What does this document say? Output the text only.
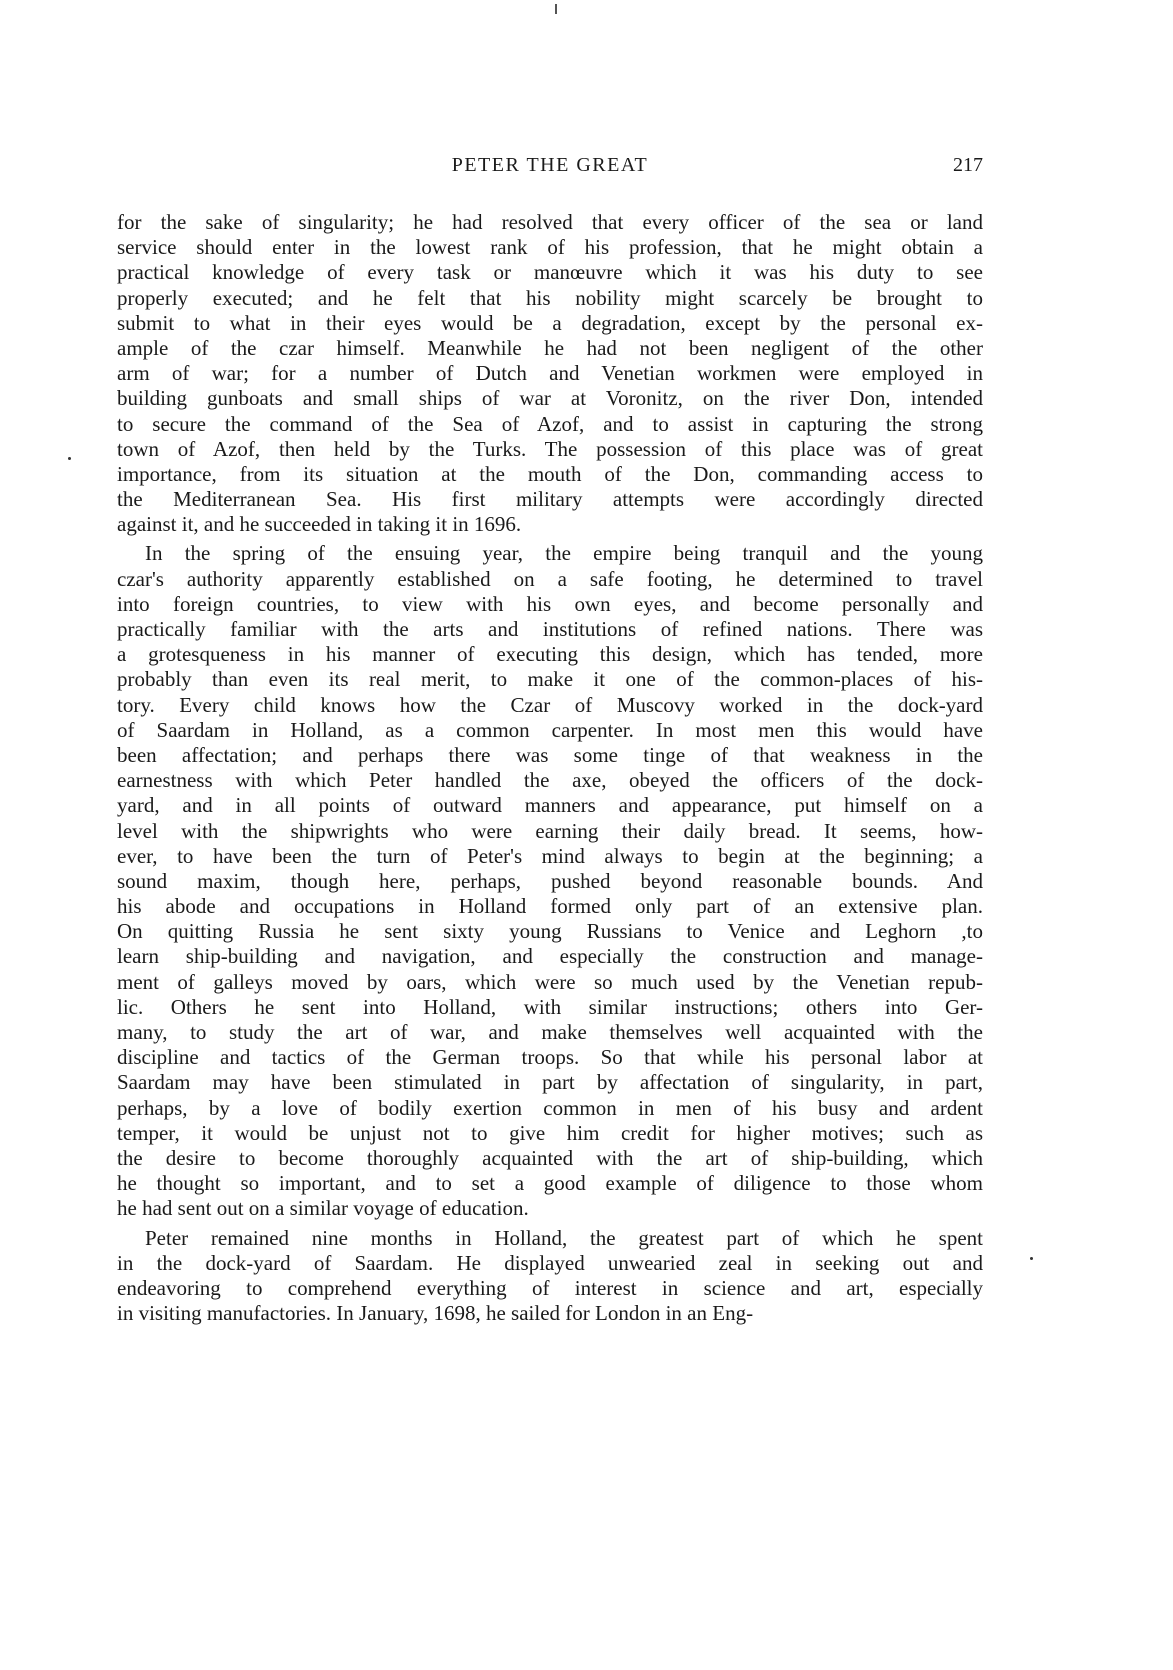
PETER THE GREAT	217
for the sake of singularity; he had resolved that every officer of the sea or land
service should enter in the lowest rank of his profession, that he might obtain a
practical knowledge of every task or manœuvre which it was his duty to see
properly executed; and he felt that his nobility might scarcely be brought to
submit to what in their eyes would be a degradation, except by the personal ex-
ample of the czar himself. Meanwhile he had not been negligent of the other
arm of war; for a number of Dutch and Venetian workmen were employed in
building gunboats and small ships of war at Voronitz, on the river Don, intended
to secure the command of the Sea of Azof, and to assist in capturing the strong
town of Azof, then held by the Turks. The possession of this place was of great
importance, from its situation at the mouth of the Don, commanding access to
the Mediterranean Sea. His first military attempts were accordingly directed
against it, and he succeeded in taking it in 1696.
In the spring of the ensuing year, the empire being tranquil and the young
czar's authority apparently established on a safe footing, he determined to travel
into foreign countries, to view with his own eyes, and become personally and
practically familiar with the arts and institutions of refined nations. There was
a grotesqueness in his manner of executing this design, which has tended, more
probably than even its real merit, to make it one of the common-places of his-
tory. Every child knows how the Czar of Muscovy worked in the dock-yard
of Saardam in Holland, as a common carpenter. In most men this would have
been affectation; and perhaps there was some tinge of that weakness in the
earnestness with which Peter handled the axe, obeyed the officers of the dock-
yard, and in all points of outward manners and appearance, put himself on a
level with the shipwrights who were earning their daily bread. It seems, how-
ever, to have been the turn of Peter's mind always to begin at the beginning; a
sound maxim, though here, perhaps, pushed beyond reasonable bounds. And
his abode and occupations in Holland formed only part of an extensive plan.
On quitting Russia he sent sixty young Russians to Venice and Leghorn ,to
learn ship-building and navigation, and especially the construction and manage-
ment of galleys moved by oars, which were so much used by the Venetian repub-
lic. Others he sent into Holland, with similar instructions; others into Ger-
many, to study the art of war, and make themselves well acquainted with the
discipline and tactics of the German troops. So that while his personal labor at
Saardam may have been stimulated in part by affectation of singularity, in part,
perhaps, by a love of bodily exertion common in men of his busy and ardent
temper, it would be unjust not to give him credit for higher motives; such as
the desire to become thoroughly acquainted with the art of ship-building, which
he thought so important, and to set a good example of diligence to those whom
he had sent out on a similar voyage of education.
Peter remained nine months in Holland, the greatest part of which he spent
in the dock-yard of Saardam. He displayed unwearied zeal in seeking out and
endeavoring to comprehend everything of interest in science and art, especially
in visiting manufactories. In January, 1698, he sailed for London in an Eng-
